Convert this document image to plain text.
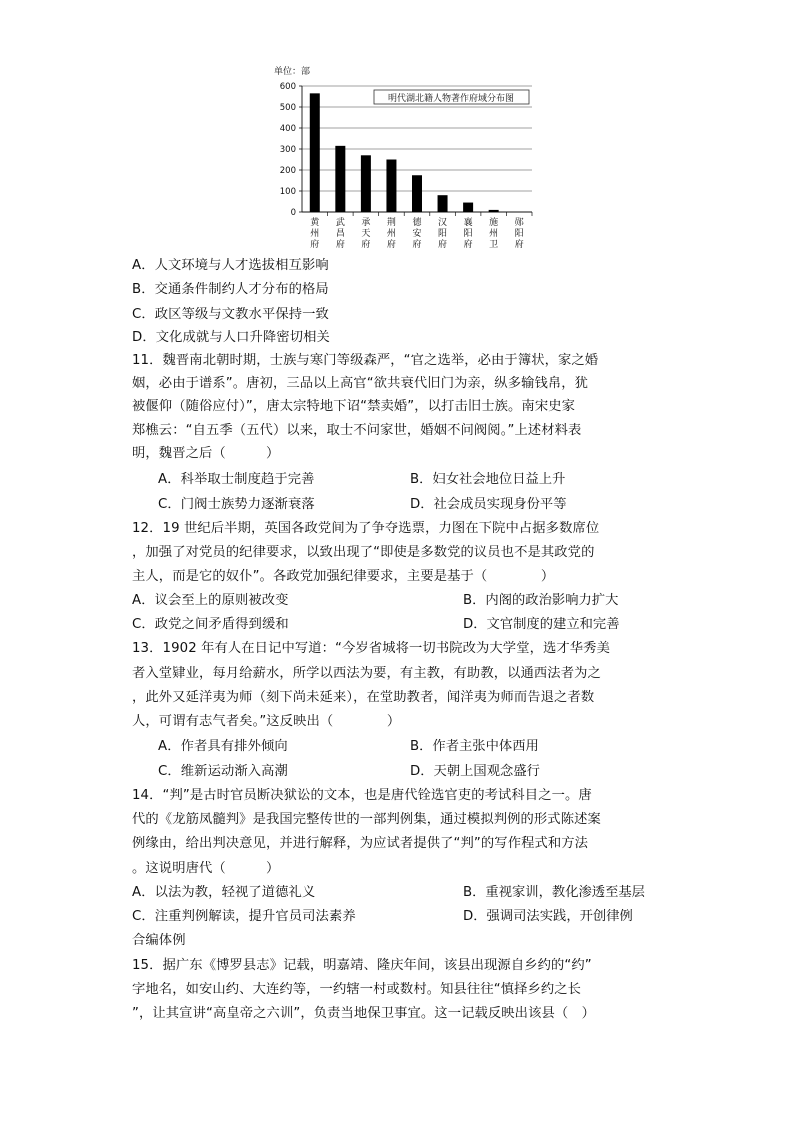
单位：部
0
100
200
300
400
500
600
黄州府
武昌府
承天府
荆州府
德安府
汉阳府
襄阳府
施州卫
郧阳府
明代湖北籍人物著作府域分布图
A．人文环境与人才选拔相互影响
B．交通条件制约人才分布的格局
C．政区等级与文教水平保持一致
D．文化成就与人口升降密切相关
11．魏晋南北朝时期，士族与寒门等级森严，“官之选举，必由于簿状，家之婚
姻，必由于谱系”。唐初，三品以上高官“欲共衰代旧门为亲，纵多输钱帛，犹
被偃仰（随俗应付）”，唐太宗特地下诏“禁卖婚”，以打击旧士族。南宋史家
郑樵云：“自五季（五代）以来，取士不问家世，婚姻不问阀阅。”上述材料表
明，魏晋之后（　　　）
A．科举取士制度趋于完善	B．妇女社会地位日益上升
C．门阀士族势力逐渐衰落	D．社会成员实现身份平等
12．19 世纪后半期，英国各政党间为了争夺选票，力图在下院中占据多数席位
，加强了对党员的纪律要求，以致出现了“即使是多数党的议员也不是其政党的
主人，而是它的奴仆”。各政党加强纪律要求，主要是基于（　　　　）
A．议会至上的原则被改变	B．内阁的政治影响力扩大
C．政党之间矛盾得到缓和	D．文官制度的建立和完善
13．1902 年有人在日记中写道：“今岁省城将一切书院改为大学堂，选才华秀美
者入堂肄业，每月给薪水，所学以西法为要，有主教，有助教，以通西法者为之
，此外又延洋夷为师（刻下尚未延来），在堂助教者，闻洋夷为师而告退之者数
人，可谓有志气者矣。”这反映出（　　　　）
A．作者具有排外倾向	B．作者主张中体西用
C．维新运动渐入高潮	D．天朝上国观念盛行
14．“判”是古时官员断决狱讼的文本，也是唐代铨选官吏的考试科目之一。唐
代的《龙筋凤髓判》是我国完整传世的一部判例集，通过模拟判例的形式陈述案
例缘由，给出判决意见，并进行解释，为应试者提供了“判”的写作程式和方法
。这说明唐代（　　　）
A．以法为教，轻视了道德礼义	B．重视家训，教化渗透至基层
C．注重判例解读，提升官员司法素养	D．强调司法实践，开创律例
合编体例
15．据广东《博罗县志》记载，明嘉靖、隆庆年间，该县出现源自乡约的“约”
字地名，如安山约、大连约等，一约辖一村或数村。知县往往“慎择乡约之长
”，让其宣讲“高皇帝之六训”，负责当地保卫事宜。这一记载反映出该县（　）
